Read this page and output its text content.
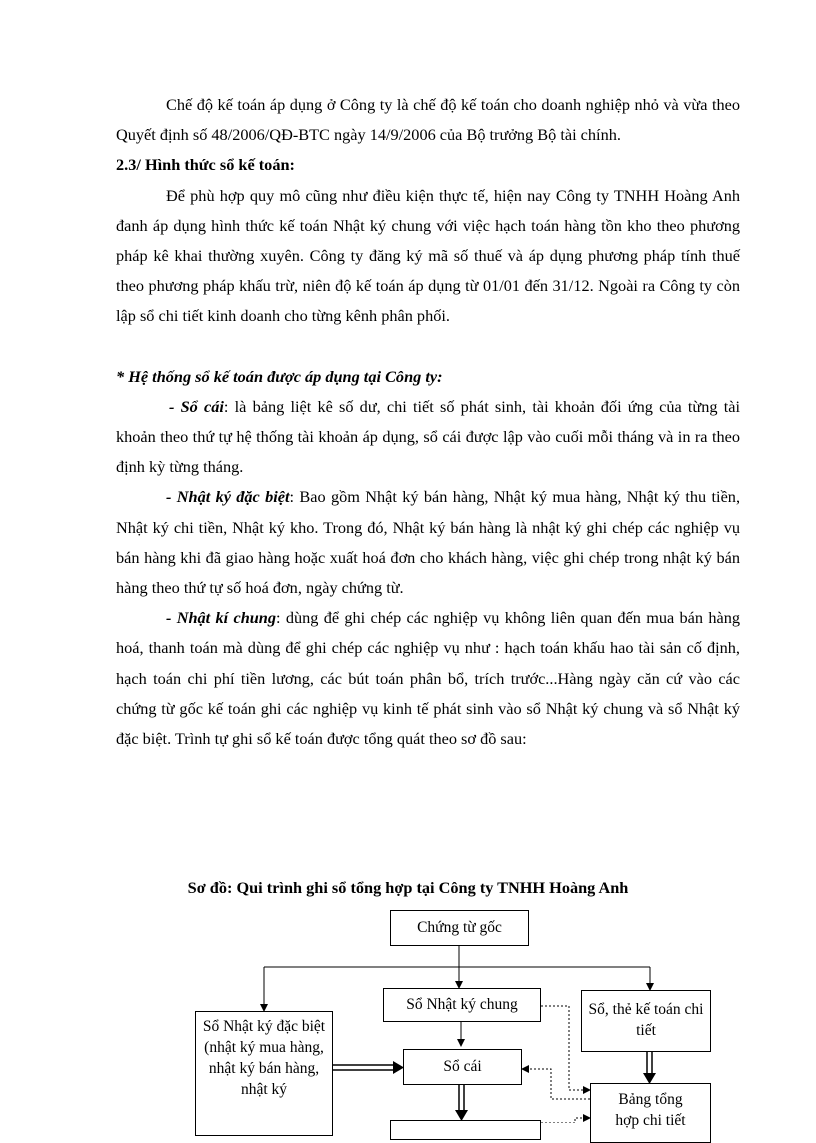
Chế độ kế toán áp dụng ở Công ty là chế độ kế toán cho doanh nghiệp nhỏ và vừa theo Quyết định số 48/2006/QĐ-BTC ngày 14/9/2006 của Bộ trưởng Bộ tài chính.

2.3/ Hình thức sổ kế toán:

Để phù hợp quy mô cũng như điều kiện thực tế, hiện nay Công ty TNHH Hoàng Anh đanh áp dụng hình thức kế toán Nhật ký chung với việc hạch toán hàng tồn kho theo phương pháp kê khai thường xuyên. Công ty đăng ký mã số thuế và áp dụng phương pháp tính thuế theo phương pháp khấu trừ, niên độ kế toán áp dụng từ 01/01 đến 31/12. Ngoài ra Công ty còn lập sổ chi tiết kinh doanh cho từng kênh phân phối.

* Hệ thống sổ kế toán được áp dụng tại Công ty:

- Sổ cái: là bảng liệt kê số dư, chi tiết số phát sinh, tài khoản đối ứng của từng tài khoản theo thứ tự hệ thống tài khoản áp dụng, sổ cái được lập vào cuối mỗi tháng và in ra theo định kỳ từng tháng.

- Nhật ký đặc biệt: Bao gồm Nhật ký bán hàng, Nhật ký mua hàng, Nhật ký thu tiền, Nhật ký chi tiền, Nhật ký kho. Trong đó, Nhật ký bán hàng là nhật ký ghi chép các nghiệp vụ bán hàng khi đã giao hàng hoặc xuất hoá đơn cho khách hàng, việc ghi chép trong nhật ký bán hàng theo thứ tự số hoá đơn, ngày chứng từ.

- Nhật kí chung: dùng để ghi chép các nghiệp vụ không liên quan đến mua bán hàng hoá, thanh toán mà dùng để ghi chép các nghiệp vụ như : hạch toán khấu hao tài sản cố định, hạch toán chi phí tiền lương, các bút toán phân bổ, trích trước...Hàng ngày căn cứ vào các chứng từ gốc kế toán ghi các nghiệp vụ kinh tế phát sinh vào sổ Nhật ký chung và sổ Nhật ký đặc biệt. Trình tự ghi sổ kế toán được tổng quát theo sơ đồ sau:

Sơ đồ: Qui trình ghi sổ tổng hợp tại Công ty TNHH Hoàng Anh
Chứng từ gốc
Sổ Nhật ký chung	Sổ, thẻ kế toán chi tiết
Sổ Nhật ký đặc biệt (nhật ký mua hàng, nhật ký bán hàng, nhật ký
Sổ cái
Bảng tổng hợp chi tiết
